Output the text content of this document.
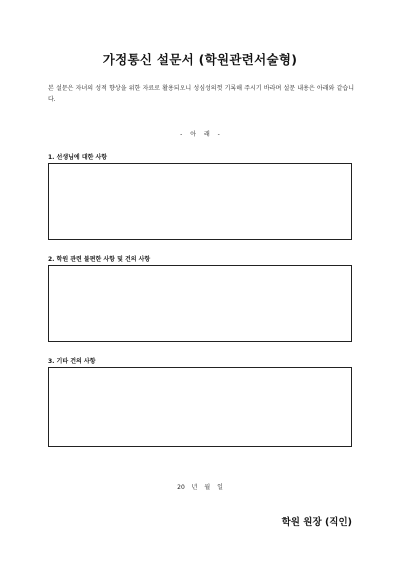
가정통신 설문서 (학원관련서술형)
본 설문은 자녀의 성적 향상을 위한 자료로 활용되오니 성심성의껏 기록해 주시기 바라며 설문 내용은 아래와 같습니다.
- 아 래 -
1. 선생님에 대한 사항
2. 학원 관련 불편한 사항 및 건의 사항
3. 기타 건의 사항
20 년 월 일
학원 원장 (직인)
